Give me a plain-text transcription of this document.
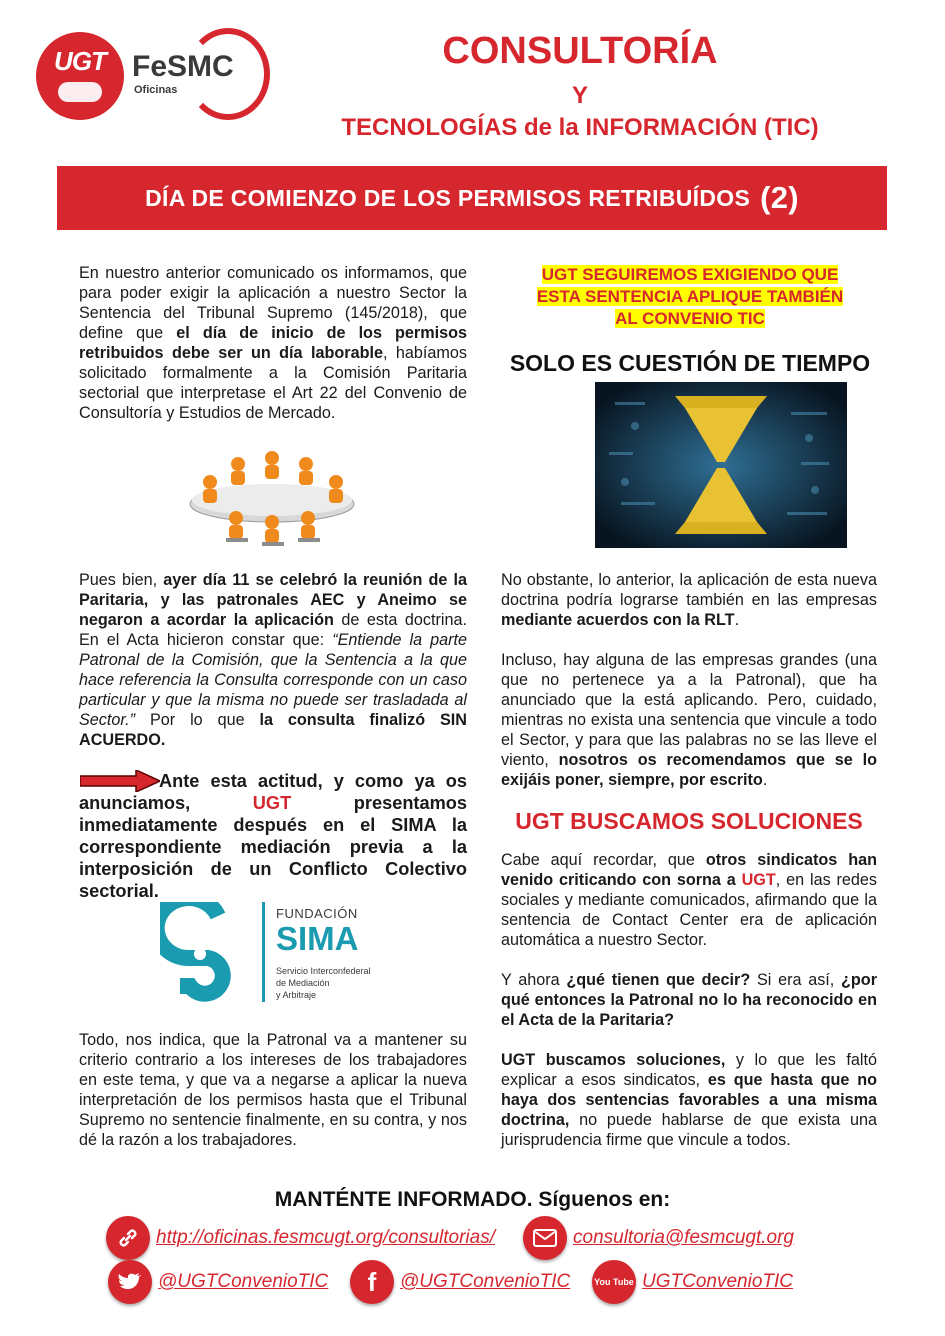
UGT FeSMC
Oficinas
CONSULTORÍA
Y
TECNOLOGÍAS de la INFORMACIÓN (TIC)
DÍA DE COMIENZO DE LOS PERMISOS RETRIBUÍDOS (2)
En nuestro anterior comunicado os informamos, que para poder exigir la aplicación a nuestro Sector la Sentencia del Tribunal Supremo (145/2018), que define que el día de inicio de los permisos retribuidos debe ser un día laborable, habíamos solicitado formalmente a la Comisión Paritaria sectorial que interpretase el Art 22 del Convenio de Consultoría y Estudios de Mercado.
Pues bien, ayer día 11 se celebró la reunión de la Paritaria, y las patronales AEC y Aneimo se negaron a acordar la aplicación de esta doctrina. En el Acta hicieron constar que: “Entiende la parte Patronal de la Comisión, que la Sentencia a la que hace referencia la Consulta corresponde con un caso particular y que la misma no puede ser trasladada al Sector.” Por lo que la consulta finalizó SIN ACUERDO.
Ante esta actitud, y como ya os anunciamos, UGT presentamos inmediatamente después en el SIMA la correspondiente mediación previa a la interposición de un Conflicto Colectivo sectorial.
FUNDACIÓN
SIMA
Servicio Interconfederal
de Mediación
y Arbitraje
Todo, nos indica, que la Patronal va a mantener su criterio contrario a los intereses de los trabajadores en este tema, y que va a negarse a aplicar la nueva interpretación de los permisos hasta que el Tribunal Supremo no sentencie finalmente, en su contra, y nos dé la razón a los trabajadores.
UGT SEGUIREMOS EXIGIENDO QUE
ESTA SENTENCIA APLIQUE TAMBIÉN
AL CONVENIO TIC
SOLO ES CUESTIÓN DE TIEMPO
No obstante, lo anterior, la aplicación de esta nueva doctrina podría lograrse también en las empresas mediante acuerdos con la RLT.
Incluso, hay alguna de las empresas grandes (una que no pertenece ya a la Patronal), que ha anunciado que la está aplicando. Pero, cuidado, mientras no exista una sentencia que vincule a todo el Sector, y para que las palabras no se las lleve el viento, nosotros os recomendamos que se lo exijáis poner, siempre, por escrito.
UGT BUSCAMOS SOLUCIONES
Cabe aquí recordar, que otros sindicatos han venido criticando con sorna a UGT, en las redes sociales y mediante comunicados, afirmando que la sentencia de Contact Center era de aplicación automática a nuestro Sector.
Y ahora ¿qué tienen que decir? Si era así, ¿por qué entonces la Patronal no lo ha reconocido en el Acta de la Paritaria?
UGT buscamos soluciones, y lo que les faltó explicar a esos sindicatos, es que hasta que no haya dos sentencias favorables a una misma doctrina, no puede hablarse de que exista una jurisprudencia firme que vincule a todos.
MANTÉNTE INFORMADO. Síguenos en:
http://oficinas.fesmcugt.org/consultorias/	consultoria@fesmcugt.org
@UGTConvenioTIC	f	@UGTConvenioTIC	You Tube UGTConvenioTIC
